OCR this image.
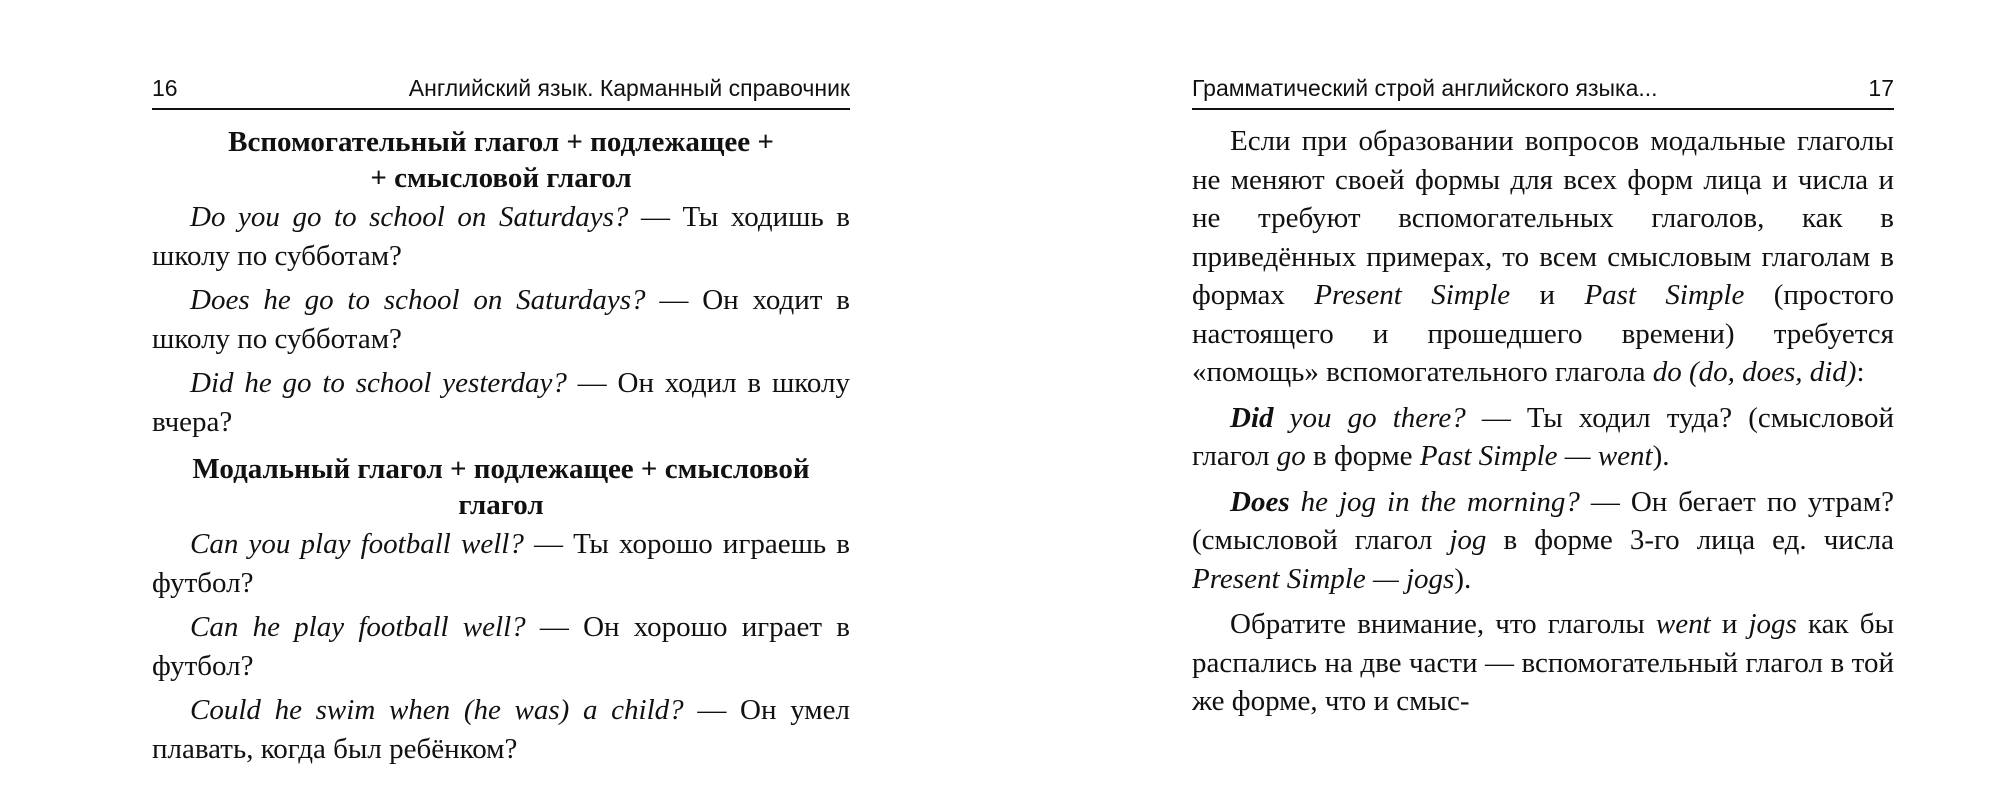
16	Английский язык. Карманный справочник

Вспомогательный глагол + подлежащее +
+ смысловой глагол

Do you go to school on Saturdays? — Ты ходишь в школу по субботам?

Does he go to school on Saturdays? — Он ходит в школу по субботам?

Did he go to school yesterday? — Он ходил в школу вчера?

Модальный глагол + подлежащее + смысловой
глагол

Can you play football well? — Ты хорошо играешь в футбол?

Can he play football well? — Он хорошо играет в футбол?

Could he swim when (he was) a child? — Он умел плавать, когда был ребёнком?

Грамматический строй английского языка...	17

Если при образовании вопросов модальные глаголы не меняют своей формы для всех форм лица и числа и не требуют вспомогательных глаголов, как в приведённых примерах, то всем смысловым глаголам в формах Present Simple и Past Simple (простого настоящего и прошедшего времени) требуется «помощь» вспомогательного глагола do (do, does, did):

Did you go there? — Ты ходил туда? (смысловой глагол go в форме Past Simple — went).

Does he jog in the morning? — Он бегает по утрам? (смысловой глагол jog в форме 3-го лица ед. числа Present Simple — jogs).

Обратите внимание, что глаголы went и jogs как бы распались на две части — вспомогательный глагол в той же форме, что и смыс-
